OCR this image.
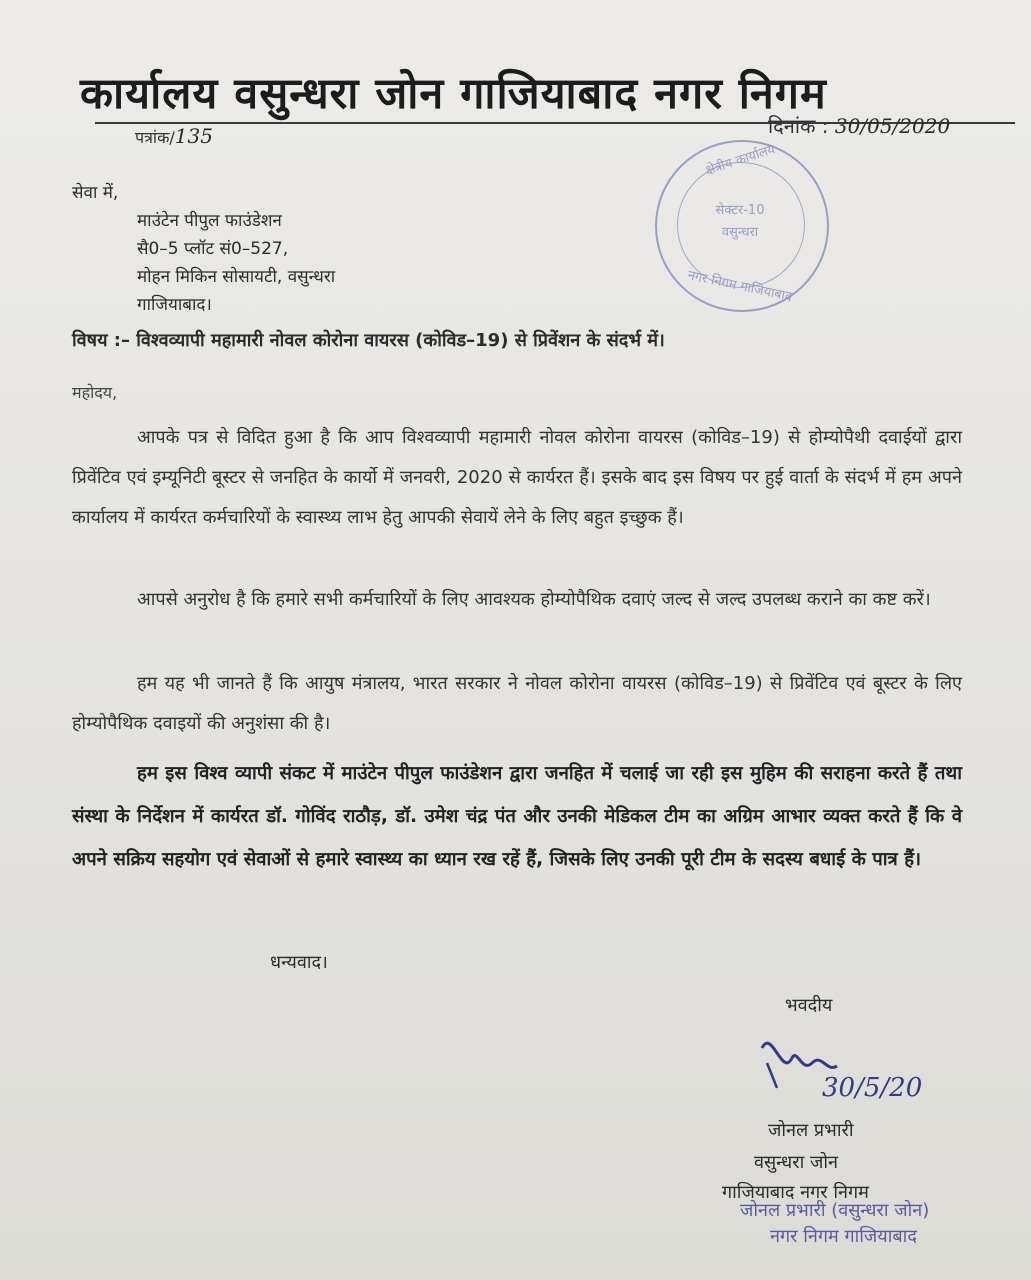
कार्यालय वसुन्धरा जोन गाजियाबाद नगर निगम
पत्रांक/135	दिनांक : 30/05/2020
क्षेत्रीय कार्यालय
सेक्टर-10
वसुन्धरा
नगर निगम गाजियाबाद
सेवा में,
माउंटेन पीपुल फाउंडेशन
सै0–5 प्लॉट सं0–527,
मोहन मिकिन सोसायटी, वसुन्धरा
गाजियाबाद।
विषय :– विश्वव्यापी महामारी नोवल कोरोना वायरस (कोविड–19) से प्रिवेंशन के संदर्भ में।
महोदय,
आपके पत्र से विदित हुआ है कि आप विश्वव्यापी महामारी नोवल कोरोना वायरस (कोविड–19) से होम्योपैथी दवाईयों द्वारा प्रिवेंटिव एवं इम्यूनिटी बूस्टर से जनहित के कार्यो में जनवरी, 2020 से कार्यरत हैं। इसके बाद इस विषय पर हुई वार्ता के संदर्भ में हम अपने कार्यालय में कार्यरत कर्मचारियों के स्वास्थ्य लाभ हेतु आपकी सेवायें लेने के लिए बहुत इच्छुक हैं।
आपसे अनुरोध है कि हमारे सभी कर्मचारियों के लिए आवश्यक होम्योपैथिक दवाएं जल्द से जल्द उपलब्ध कराने का कष्ट करें।
हम यह भी जानते हैं कि आयुष मंत्रालय, भारत सरकार ने नोवल कोरोना वायरस (कोविड–19) से प्रिवेंटिव एवं बूस्टर के लिए होम्योपैथिक दवाइयों की अनुशंसा की है।
हम इस विश्व व्यापी संकट में माउंटेन पीपुल फाउंडेशन द्वारा जनहित में चलाई जा रही इस मुहिम की सराहना करते हैं तथा संस्था के निर्देशन में कार्यरत डॉ. गोविंद राठौड़, डॉ. उमेश चंद्र पंत और उनकी मेडिकल टीम का अग्रिम आभार व्यक्त करते हैं कि वे अपने सक्रिय सहयोग एवं सेवाओं से हमारे स्वास्थ्य का ध्यान रख रहें हैं, जिसके लिए उनकी पूरी टीम के सदस्य बधाई के पात्र हैं।
धन्यवाद।
भवदीय
30/5/20
जोनल प्रभारी
वसुन्धरा जोन
गाजियाबाद नगर निगम
जोनल प्रभारी (वसुन्धरा जोन)
नगर निगम गाजियाबाद
